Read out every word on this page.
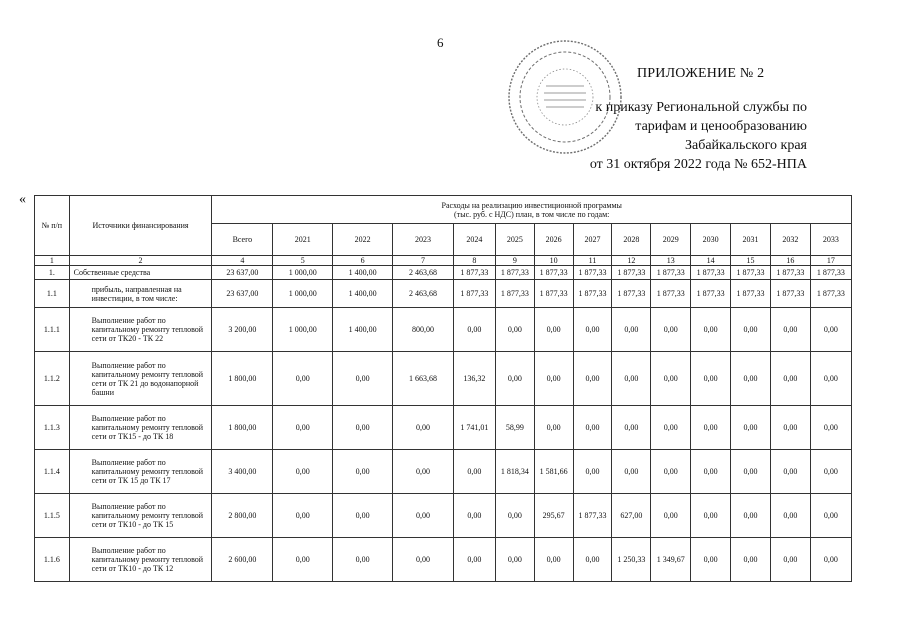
6
ПРИЛОЖЕНИЕ № 2
к приказу Региональной службы по
тарифам и ценообразованию
Забайкальского края
от 31 октября 2022 года № 652-НПА
«
№ п/п	Источники финансирования	Расходы на реализацию инвестиционной программы
(тыс. руб. с НДС) план, в том числе по годам:													

		Всего	2021	2022	2023	2024	2025	2026	2027	2028	2029	2030	2031	2032	2033
1	2	4	5	6	7	8	9	10	11	12	13	14	15	16	17
1.	Собственные средства	23 637,00	1 000,00	1 400,00	2 463,68	1 877,33	1 877,33	1 877,33	1 877,33	1 877,33	1 877,33	1 877,33	1 877,33	1 877,33	1 877,33
1.1	прибыль, направленная на инвестиции, в том числе:	23 637,00	1 000,00	1 400,00	2 463,68	1 877,33	1 877,33	1 877,33	1 877,33	1 877,33	1 877,33	1 877,33	1 877,33	1 877,33	1 877,33
1.1.1	Выполнение работ по капитальному ремонту тепловой сети от ТК20 - ТК 22	3 200,00	1 000,00	1 400,00	800,00	0,00	0,00	0,00	0,00	0,00	0,00	0,00	0,00	0,00	0,00
1.1.2	Выполнение работ по капитальному ремонту тепловой сети от ТК 21 до водонапорной башни	1 800,00	0,00	0,00	1 663,68	136,32	0,00	0,00	0,00	0,00	0,00	0,00	0,00	0,00	0,00
1.1.3	Выполнение работ по капитальному ремонту тепловой сети от ТК15 - до ТК 18	1 800,00	0,00	0,00	0,00	1 741,01	58,99	0,00	0,00	0,00	0,00	0,00	0,00	0,00	0,00
1.1.4	Выполнение работ по капитальному ремонту тепловой сети от ТК 15 до ТК 17	3 400,00	0,00	0,00	0,00	0,00	1 818,34	1 581,66	0,00	0,00	0,00	0,00	0,00	0,00	0,00
1.1.5	Выполнение работ по капитальному ремонту тепловой сети от ТК10 - до ТК 15	2 800,00	0,00	0,00	0,00	0,00	0,00	295,67	1 877,33	627,00	0,00	0,00	0,00	0,00	0,00
1.1.6	Выполнение работ по капитальному ремонту тепловой сети от ТК10 - до ТК 12	2 600,00	0,00	0,00	0,00	0,00	0,00	0,00	0,00	1 250,33	1 349,67	0,00	0,00	0,00	0,00
